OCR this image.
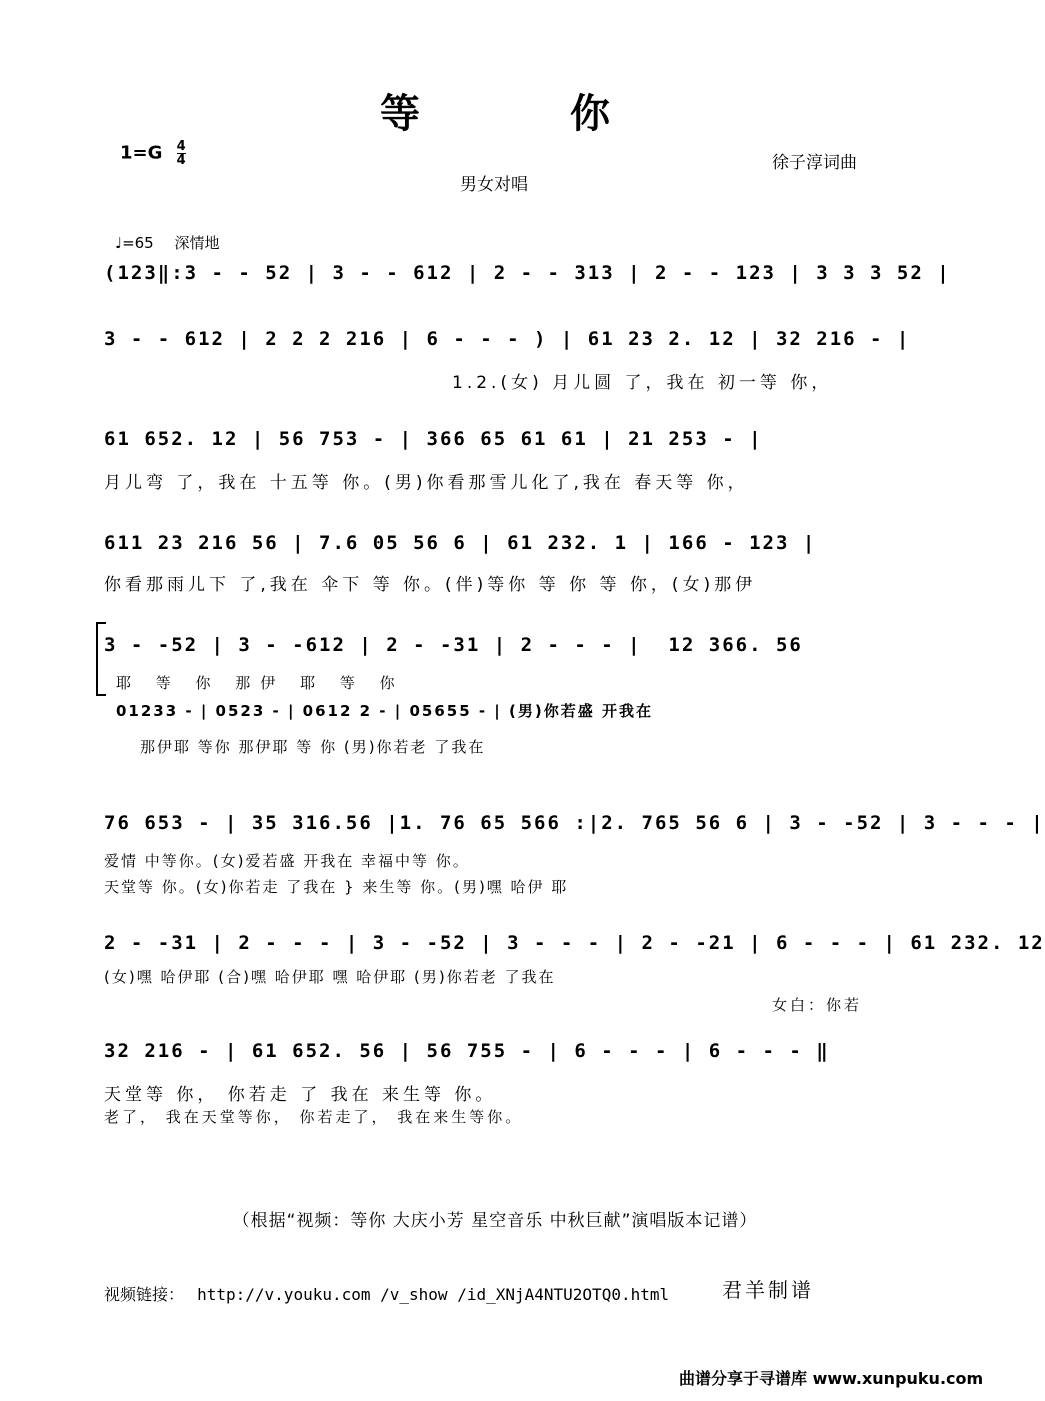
等你
$1=G \frac{4}{4}$	徐子淳词曲
男女对唱
♩=65 深情地
(123‖:3 - - 52 | 3 - - 612 | 2 - - 313 | 2 - - 123 | 3 3 3 52 |
3 - - 612 | 2 2 2 216 | 6 - - - ) | 61 23 2. 12 | 32 216 - |
1.2.(女) 月儿圆 了，我在 初一等 你，
61 652. 12 | 56 753 - | 366 65 61 61 | 21 253 - |
月儿弯 了，我在 十五等 你。(男)你看那雪儿化了,我在 春天等 你，
611 23 216 56 | 7.6 05 56 6 | 61 232. 1 | 166 - 123 |
你看那雨儿下 了,我在 伞下 等 你。(伴)等你 等 你 等 你，(女)那伊
3 - -52 | 3 - -612 | 2 - -31 | 2 - - - |  12 366. 56
耶 等 你 那伊 耶 等 你
01233 - | 0523 - | 0612 2 - | 05655 - | (男)你若盛 开我在
那伊耶 等你 那伊耶 等 你 (男)你若老 了我在
76 653 - | 35 316.56 |1. 76 65 566 :|2. 765 56 6 | 3 - -52 | 3 - - - |
爱情 中等你。(女)爱若盛 开我在 幸福中等 你。
天堂等 你。(女)你若走 了我在 } 来生等 你。(男)嘿 哈伊 耶
2 - -31 | 2 - - - | 3 - -52 | 3 - - - | 2 - -21 | 6 - - - | 61 232. 12
(女)嘿 哈伊耶 (合)嘿 哈伊耶 嘿 哈伊耶 (男)你若老 了我在
女白：你若
32 216 - | 61 652. 56 | 56 755 - | 6 - - - | 6 - - - ‖
天堂等 你， 你若走 了 我在 来生等 你。
老了， 我在天堂等你， 你若走了， 我在来生等你。
（根据“视频：等你 大庆小芳 星空音乐 中秋巨献”演唱版本记谱）
视频链接： http://v.youku.com /v_show /id_XNjA4NTU2OTQ0.html	君羊制谱
曲谱分享于寻谱库 www.xunpuku.com
